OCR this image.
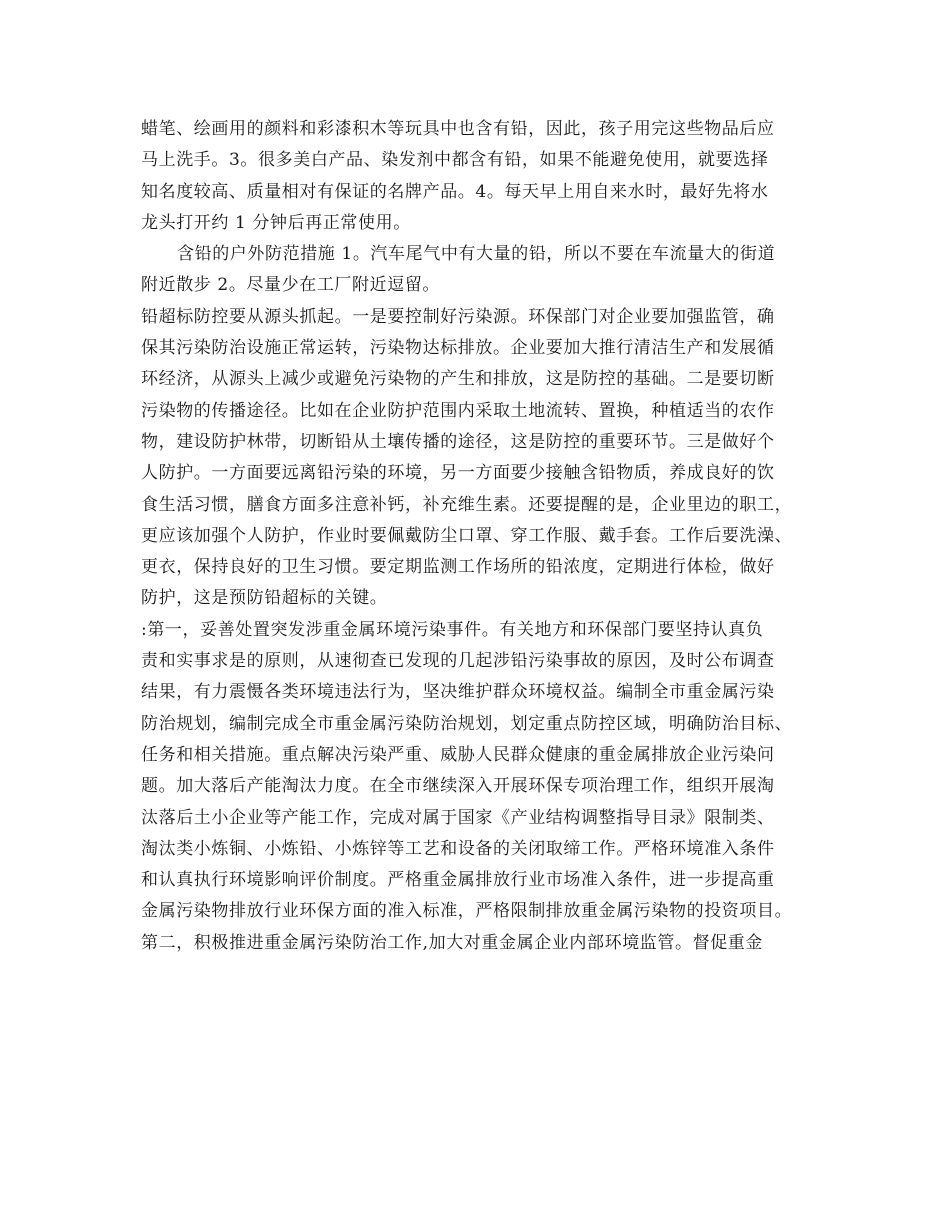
蜡笔、绘画用的颜料和彩漆积木等玩具中也含有铅，因此，孩子用完这些物品后应
马上洗手。3。很多美白产品、染发剂中都含有铅，如果不能避免使用，就要选择
知名度较高、质量相对有保证的名牌产品。4。每天早上用自来水时，最好先将水
龙头打开约 1 分钟后再正常使用。
含铅的户外防范措施 1。汽车尾气中有大量的铅，所以不要在车流量大的街道
附近散步 2。尽量少在工厂附近逗留。
铅超标防控要从源头抓起。一是要控制好污染源。环保部门对企业要加强监管，确
保其污染防治设施正常运转，污染物达标排放。企业要加大推行清洁生产和发展循
环经济，从源头上减少或避免污染物的产生和排放，这是防控的基础。二是要切断
污染物的传播途径。比如在企业防护范围内采取土地流转、置换，种植适当的农作
物，建设防护林带，切断铅从土壤传播的途径，这是防控的重要环节。三是做好个
人防护。一方面要远离铅污染的环境，另一方面要少接触含铅物质，养成良好的饮
食生活习惯，膳食方面多注意补钙，补充维生素。还要提醒的是，企业里边的职工，
更应该加强个人防护，作业时要佩戴防尘口罩、穿工作服、戴手套。工作后要洗澡、
更衣，保持良好的卫生习惯。要定期监测工作场所的铅浓度，定期进行体检，做好
防护，这是预防铅超标的关键。
:第一，妥善处置突发涉重金属环境污染事件。有关地方和环保部门要坚持认真负
责和实事求是的原则，从速彻查已发现的几起涉铅污染事故的原因，及时公布调查
结果，有力震慑各类环境违法行为，坚决维护群众环境权益。编制全市重金属污染
防治规划，编制完成全市重金属污染防治规划，划定重点防控区域，明确防治目标、
任务和相关措施。重点解决污染严重、威胁人民群众健康的重金属排放企业污染问
题。加大落后产能淘汰力度。在全市继续深入开展环保专项治理工作，组织开展淘
汰落后土小企业等产能工作，完成对属于国家《产业结构调整指导目录》限制类、
淘汰类小炼铜、小炼铅、小炼锌等工艺和设备的关闭取缔工作。严格环境准入条件
和认真执行环境影响评价制度。严格重金属排放行业市场准入条件，进一步提高重
金属污染物排放行业环保方面的准入标准，严格限制排放重金属污染物的投资项目。
第二，积极推进重金属污染防治工作,加大对重金属企业内部环境监管。督促重金
